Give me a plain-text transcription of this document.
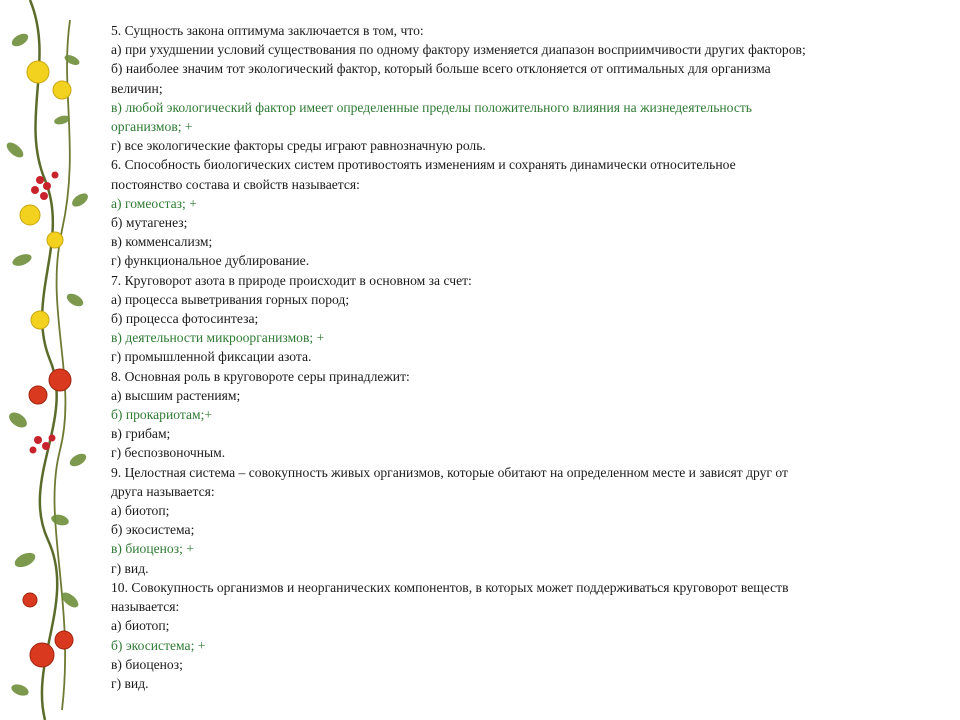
5. Сущность закона оптимума заключается в том, что:
а) при ухудшении условий существования по одному фактору изменяется диапазон восприимчивости других факторов;
б) наиболее значим тот экологический фактор, который больше всего отклоняется от оптимальных для организма
величин;
в) любой экологический фактор имеет определенные пределы положительного влияния на жизнедеятельность
организмов; +
г) все экологические факторы среды играют равнозначную роль.
6. Способность биологических систем противостоять изменениям и сохранять динамически относительное
постоянство состава и свойств называется:
а) гомеостаз; +
б) мутагенез;
в) комменсализм;
г) функциональное дублирование.
7. Круговорот азота в природе происходит в основном за счет:
а) процесса выветривания горных пород;
б) процесса фотосинтеза;
в) деятельности микроорганизмов; +
г) промышленной фиксации азота.
8. Основная роль в круговороте серы принадлежит:
а) высшим растениям;
б) прокариотам;+
в) грибам;
г) беспозвоночным.
9. Целостная система – совокупность живых организмов, которые обитают на определенном месте и зависят друг от
друга называется:
а) биотоп;
б) экосистема;
в) биоценоз; +
г) вид.
10. Совокупность организмов и неорганических компонентов, в которых может поддерживаться круговорот веществ
называется:
а) биотоп;
б) экосистема; +
в) биоценоз;
г) вид.
